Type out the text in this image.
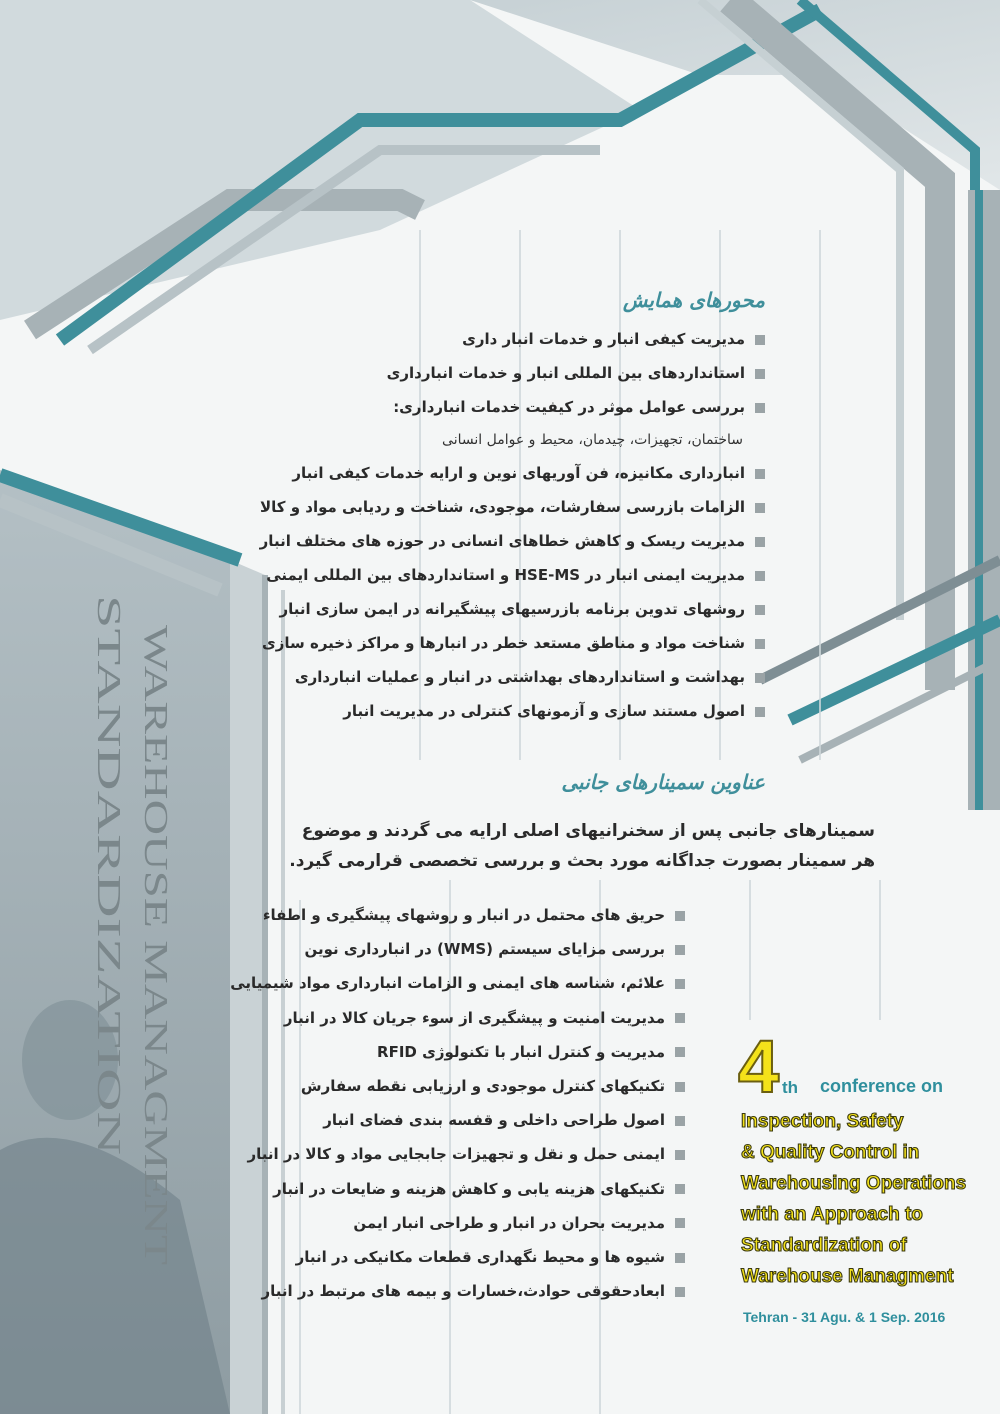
WAREHOUSE MANAGMENT
STANDARDIZATION
محورهای همایش
مدیریت کیفی انبار و خدمات انبار داری
استانداردهای بین المللی انبار و خدمات انبارداری
بررسی عوامل موثر در کیفیت خدمات انبارداری:
ساختمان، تجهیزات، چیدمان، محیط و عوامل انسانی
انبارداری مکانیزه، فن آوریهای نوین و ارایه خدمات کیفی انبار
الزامات بازرسی سفارشات، موجودی، شناخت و ردیابی مواد و کالا
مدیریت ریسک و کاهش خطاهای انسانی در حوزه های مختلف انبار
مدیریت ایمنی انبار در HSE-MS و استانداردهای بین المللی ایمنی
روشهای تدوین برنامه بازرسیهای پیشگیرانه در ایمن سازی انبار
شناخت مواد و مناطق مستعد خطر در انبارها و مراکز ذخیره سازی
بهداشت و استانداردهای بهداشتی در انبار و عملیات انبارداری
اصول مستند سازی و آزمونهای کنترلی در مدیریت انبار
عناوین سمینارهای جانبی
سمینارهای جانبی پس از سخنرانیهای اصلی ارایه می گردند و موضوع
هر سمینار بصورت جداگانه مورد بحث و بررسی تخصصی قرارمی گیرد.
حریق های محتمل در انبار و روشهای پیشگیری و اطفاء
بررسی مزایای سیستم (WMS) در انبارداری نوین
علائم، شناسه های ایمنی و الزامات انبارداری مواد شیمیایی
مدیریت امنیت و پیشگیری از سوء جریان کالا در انبار
مدیریت و کنترل انبار با تکنولوژی RFID
تکنیکهای کنترل موجودی و ارزیابی نقطه سفارش
اصول طراحی داخلی و قفسه بندی فضای انبار
ایمنی حمل و نقل و تجهیزات جابجایی مواد و کالا در انبار
تکنیکهای هزینه یابی و کاهش هزینه و ضایعات در انبار
مدیریت بحران در انبار و طراحی انبار ایمن
شیوه ها و محیط نگهداری قطعات مکانیکی در انبار
ابعادحقوقی حوادث،خسارات و بیمه های مرتبط در انبار
4 th conference on
Inspection, Safety
& Quality Control in
Warehousing Operations
with an Approach to
Standardization of
Warehouse Managment
Tehran - 31 Agu. & 1 Sep. 2016
